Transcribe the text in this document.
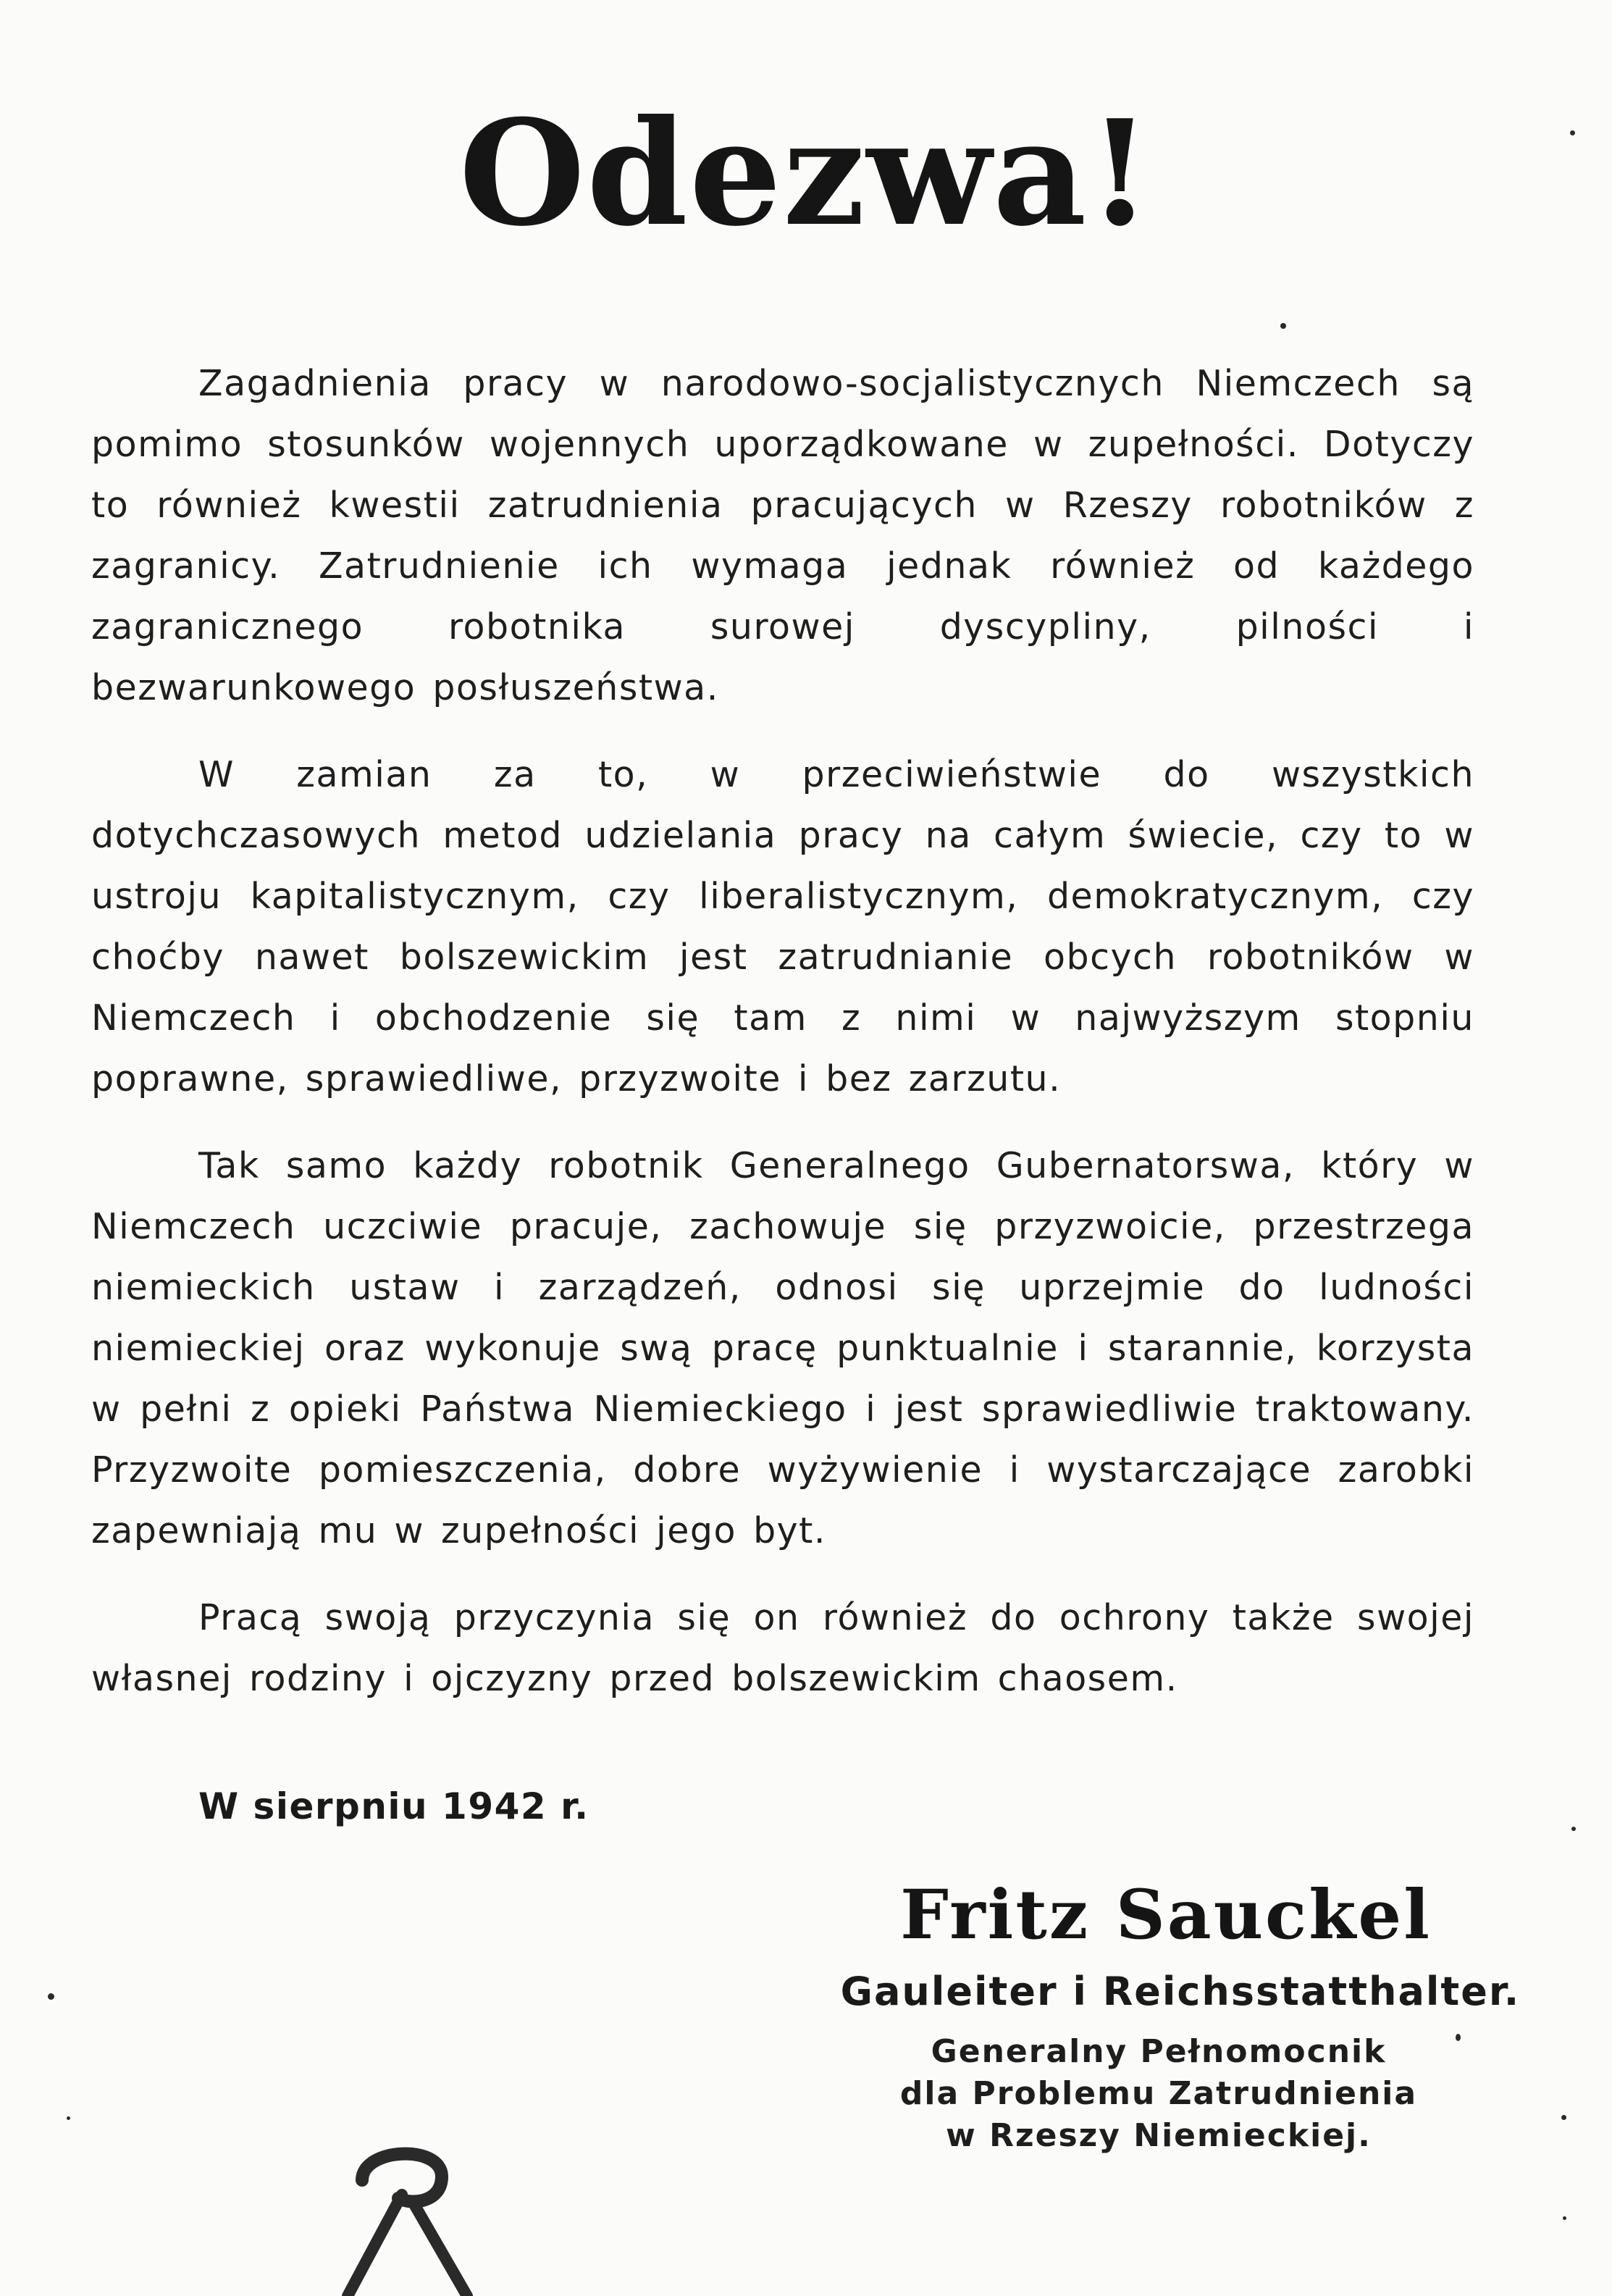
Odezwa!

Zagadnienia pracy w narodowo-socjalistycznych Niemczech są pomimo stosunków wojennych uporządkowane w zupełności. Dotyczy to również kwestii zatrudnienia pracujących w Rzeszy robotników z zagranicy. Zatrudnienie ich wymaga jednak również od każdego zagranicznego robotnika surowej dyscypliny, pilności i bezwarunkowego posłuszeństwa.

W zamian za to, w przeciwieństwie do wszystkich dotychczasowych metod udzielania pracy na całym świecie, czy to w ustroju kapitalistycznym, czy liberalistycznym, demokratycznym, czy choćby nawet bolszewickim jest zatrudnianie obcych robotników w Niemczech i obchodzenie się tam z nimi w najwyższym stopniu poprawne, sprawiedliwe, przyzwoite i bez zarzutu.

Tak samo każdy robotnik Generalnego Gubernatorswa, który w Niemczech uczciwie pracuje, zachowuje się przyzwoicie, przestrzega niemieckich ustaw i zarządzeń, odnosi się uprzejmie do ludności niemieckiej oraz wykonuje swą pracę punktualnie i starannie, korzysta w pełni z opieki Państwa Niemieckiego i jest sprawiedliwie traktowany. Przyzwoite pomieszczenia, dobre wyżywienie i wystarczające zarobki zapewniają mu w zupełności jego byt.

Pracą swoją przyczynia się on również do ochrony także swojej własnej rodziny i ojczyzny przed bolszewickim chaosem.

W sierpniu 1942 r.
Fritz Sauckel
Gauleiter i Reichsstatthalter.
Generalny Pełnomocnik
dla Problemu Zatrudnienia
w Rzeszy Niemieckiej.
